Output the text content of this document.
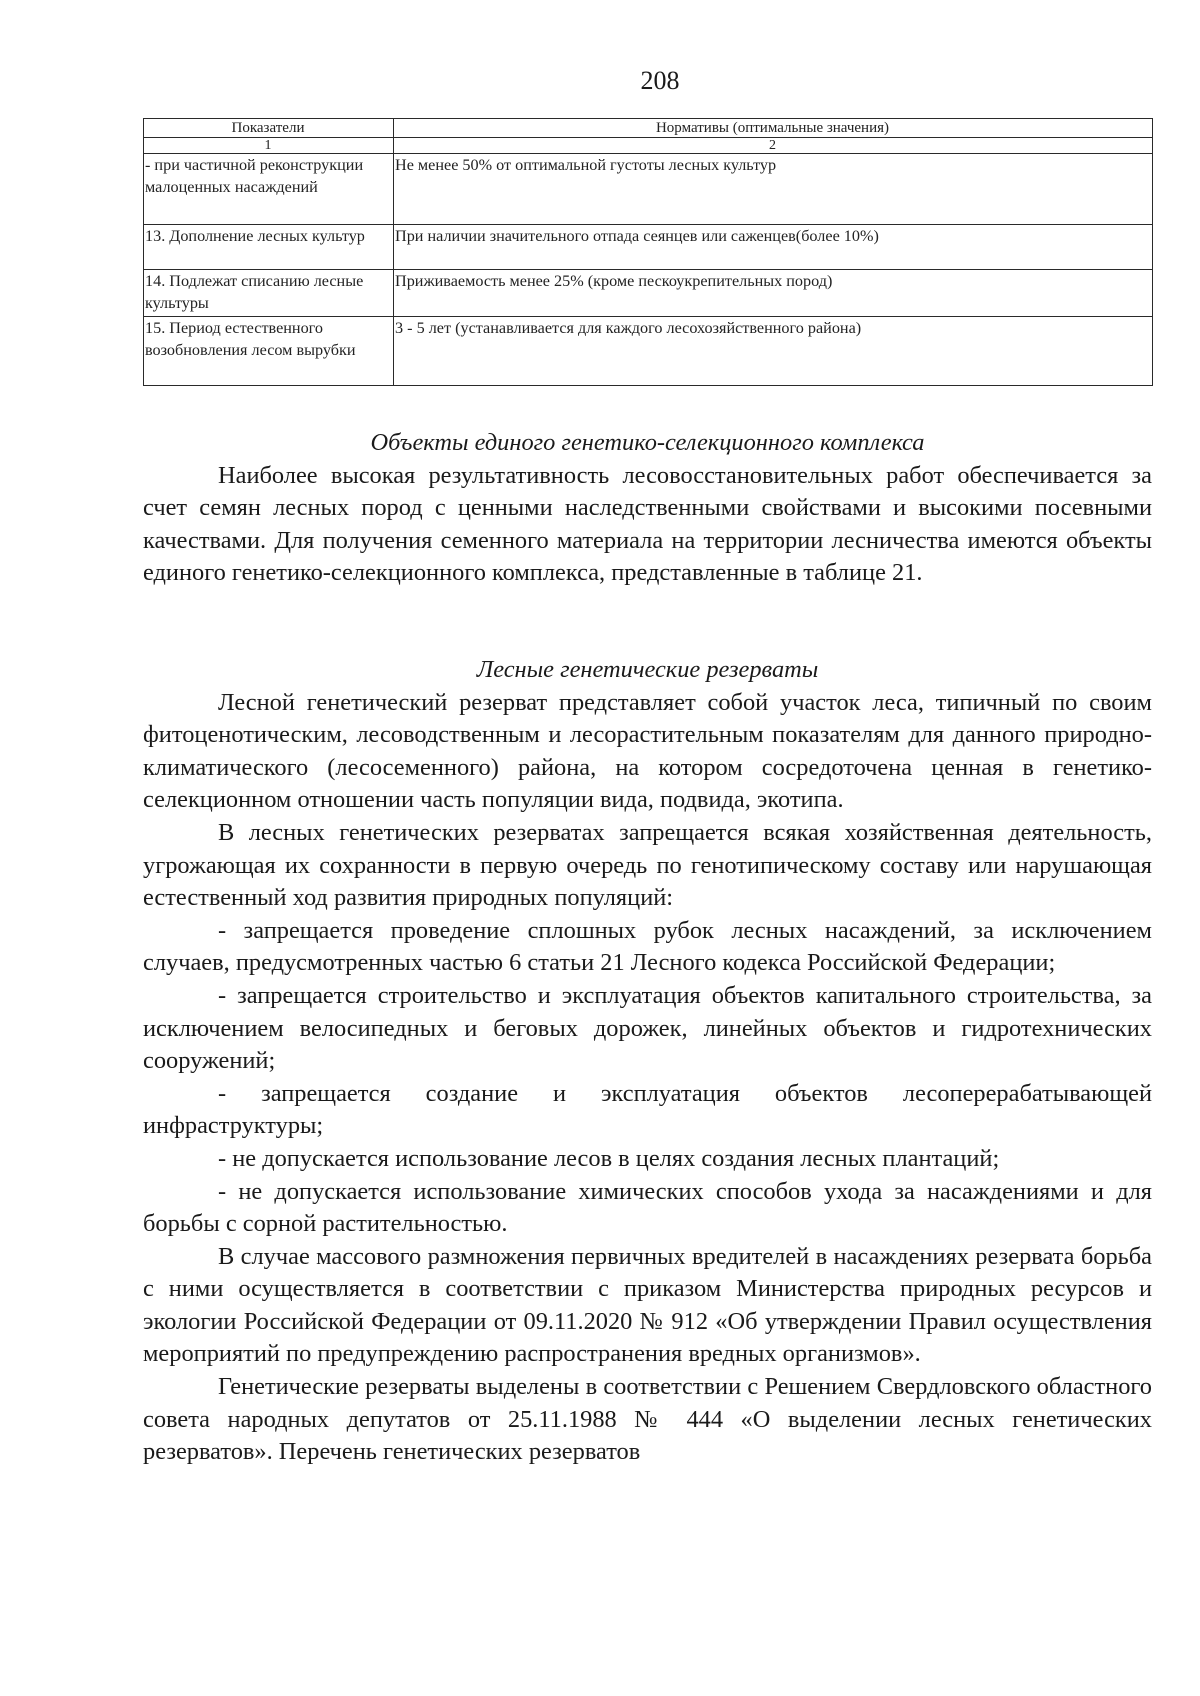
208
Показатели	Нормативы (оптимальные значения)
1	2
- при частичной реконструкции малоценных насаждений	Не менее 50% от оптимальной густоты лесных культур
13. Дополнение лесных культур	При наличии значительного отпада сеянцев или саженцев(более 10%)
14. Подлежат списанию лесные культуры	Приживаемость менее 25% (кроме пескоукрепительных пород)
15. Период естественного возобновления лесом вырубки	3 - 5 лет (устанавливается для каждого лесохозяйственного района)

Объекты единого генетико-селекционного комплекса

Наиболее высокая результативность лесовосстановительных работ обеспечивается за счет семян лесных пород с ценными наследственными свойствами и высокими посевными качествами. Для получения семенного материала на территории лесничества имеются объекты единого генетико-селекционного комплекса, представленные в таблице 21.

Лесные генетические резерваты

Лесной генетический резерват представляет собой участок леса, типичный по своим фитоценотическим, лесоводственным и лесорастительным показателям для данного природно-климатического (лесосеменного) района, на котором сосредоточена ценная в генетико-селекционном отношении часть популяции вида, подвида, экотипа.

В лесных генетических резерватах запрещается всякая хозяйственная деятельность, угрожающая их сохранности в первую очередь по генотипическому составу или нарушающая естественный ход развития природных популяций:

- запрещается проведение сплошных рубок лесных насаждений, за исключением случаев, предусмотренных частью 6 статьи 21 Лесного кодекса Российской Федерации;

- запрещается строительство и эксплуатация объектов капитального строительства, за исключением велосипедных и беговых дорожек, линейных объектов и гидротехнических сооружений;

- запрещается создание и эксплуатация объектов лесоперерабатывающей инфраструктуры;

- не допускается использование лесов в целях создания лесных плантаций;

- не допускается использование химических способов ухода за насаждениями и для борьбы с сорной растительностью.

В случае массового размножения первичных вредителей в насаждениях резервата борьба с ними осуществляется в соответствии с приказом Министерства природных ресурсов и экологии Российской Федерации от 09.11.2020 № 912 «Об утверждении Правил осуществления мероприятий по предупреждению распространения вредных организмов».

Генетические резерваты выделены в соответствии с Решением Свердловского областного совета народных депутатов от 25.11.1988 № 444 «О выделении лесных генетических резерватов». Перечень генетических резерватов
